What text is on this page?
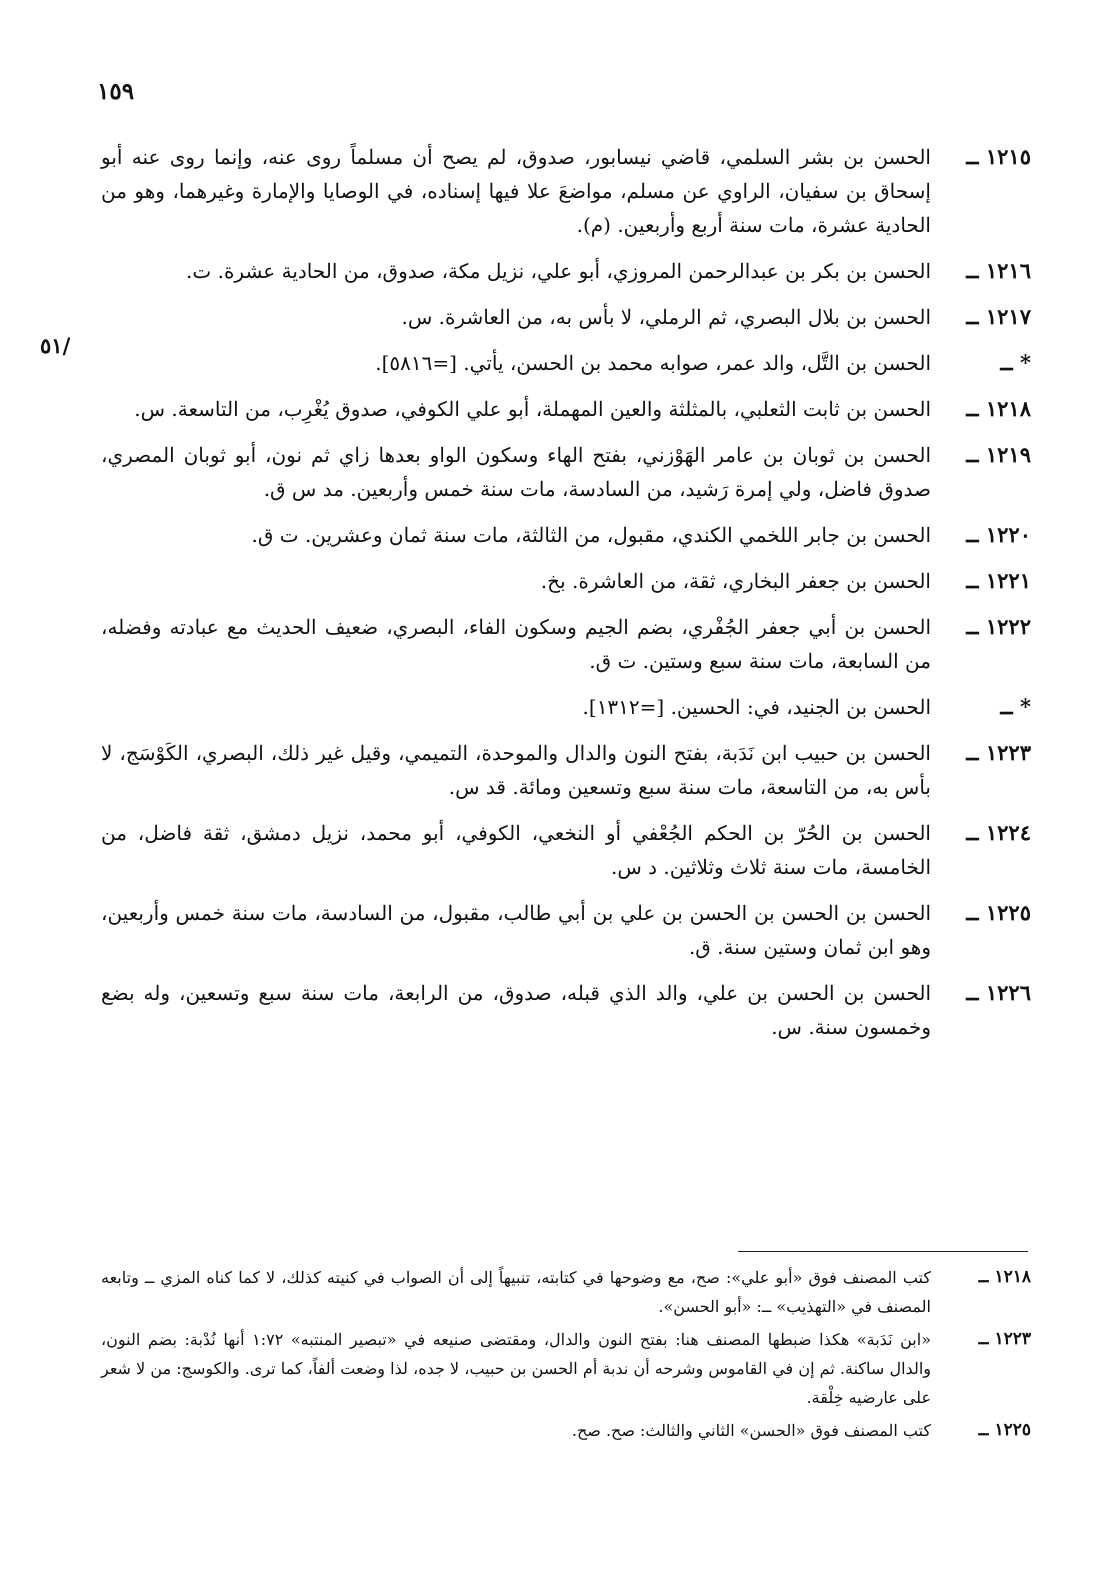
١٥٩
/٥١
١٢١٥ ــ
الحسن بن بشر السلمي، قاضي نيسابور، صدوق، لم يصح أن مسلماً روى عنه، وإنما روى عنه أبو إسحاق بن سفيان، الراوي عن مسلم، مواضعَ علا فيها إسناده، في الوصايا والإمارة وغيرهما، وهو من الحادية عشرة، مات سنة أربع وأربعين. (م).
١٢١٦ ــ
الحسن بن بكر بن عبدالرحمن المروزي، أبو علي، نزيل مكة، صدوق، من الحادية عشرة. ت.
١٢١٧ ــ
الحسن بن بلال البصري، ثم الرملي، لا بأس به، من العاشرة. س.
* ــ
الحسن بن التَّل، والد عمر، صوابه محمد بن الحسن، يأتي. [=٥٨١٦].
١٢١٨ ــ
الحسن بن ثابت الثعلبي، بالمثلثة والعين المهملة، أبو علي الكوفي، صدوق يُغْرِب، من التاسعة. س.
١٢١٩ ــ
الحسن بن ثوبان بن عامر الهَوْزني، بفتح الهاء وسكون الواو بعدها زاي ثم نون، أبو ثوبان المصري، صدوق فاضل، ولي إمرة رَشيد، من السادسة، مات سنة خمس وأربعين. مد س ق.
١٢٢٠ ــ
الحسن بن جابر اللخمي الكندي، مقبول، من الثالثة، مات سنة ثمان وعشرين. ت ق.
١٢٢١ ــ
الحسن بن جعفر البخاري، ثقة، من العاشرة. بخ.
١٢٢٢ ــ
الحسن بن أبي جعفر الجُفْري، بضم الجيم وسكون الفاء، البصري، ضعيف الحديث مع عبادته وفضله، من السابعة، مات سنة سبع وستين. ت ق.
* ــ
الحسن بن الجنيد، في: الحسين. [=١٣١٢].
١٢٢٣ ــ
الحسن بن حبيب ابن نَدَبة، بفتح النون والدال والموحدة، التميمي، وقيل غير ذلك، البصري، الكَوْسَج، لا بأس به، من التاسعة، مات سنة سبع وتسعين ومائة. قد س.
١٢٢٤ ــ
الحسن بن الحُرّ بن الحكم الجُعْفي أو النخعي، الكوفي، أبو محمد، نزيل دمشق، ثقة فاضل، من الخامسة، مات سنة ثلاث وثلاثين. د س.
١٢٢٥ ــ
الحسن بن الحسن بن الحسن بن علي بن أبي طالب، مقبول، من السادسة، مات سنة خمس وأربعين، وهو ابن ثمان وستين سنة. ق.
١٢٢٦ ــ
الحسن بن الحسن بن علي، والد الذي قبله، صدوق، من الرابعة، مات سنة سبع وتسعين، وله بضع وخمسون سنة. س.
١٢١٨ ــ
كتب المصنف فوق «أبو علي»: صح، مع وضوحها في كتابته، تنبيهاً إلى أن الصواب في كنيته كذلك، لا كما كناه المزي ــ وتابعه المصنف في «التهذيب» ــ: «أبو الحسن».
١٢٢٣ ــ
«ابن نَدَبة» هكذا ضبطها المصنف هنا: بفتح النون والدال، ومقتضى صنيعه في «تبصير المنتبه» ١:٧٢ أنها نُدْبة: بضم النون، والدال ساكنة. ثم إن في القاموس وشرحه أن ندبة أم الحسن بن حبيب، لا جده، لذا وضعت ألفاً، كما ترى. والكوسج: من لا شعر على عارضيه خِلْقة.
١٢٢٥ ــ
كتب المصنف فوق «الحسن» الثاني والثالث: صح. صح.
